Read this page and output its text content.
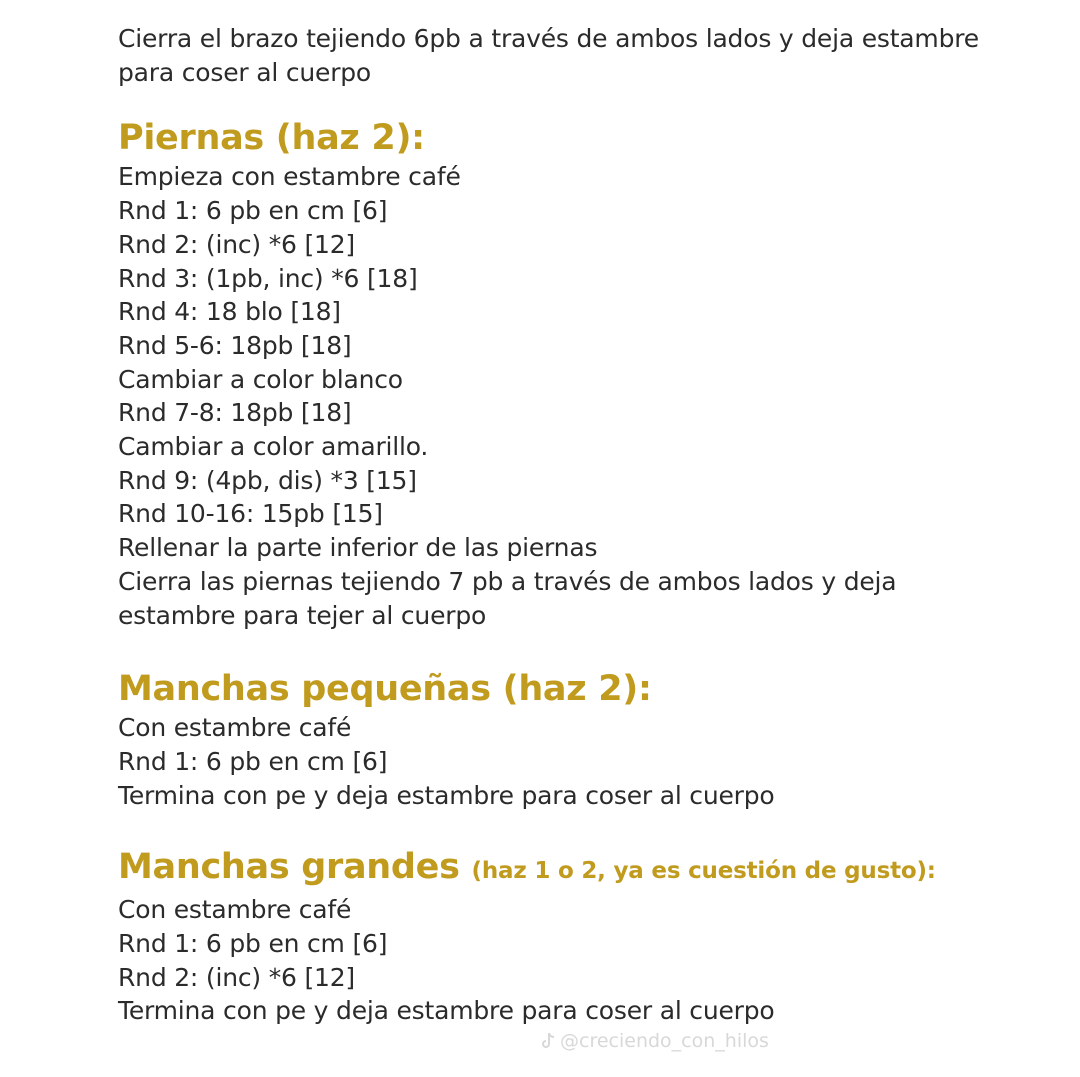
Cierra el brazo tejiendo 6pb a través de ambos lados y deja estambre
para coser al cuerpo
Piernas (haz 2):
Empieza con estambre café
Rnd 1: 6 pb en cm [6]
Rnd 2: (inc) *6 [12]
Rnd 3: (1pb, inc) *6 [18]
Rnd 4: 18 blo [18]
Rnd 5-6: 18pb [18]
Cambiar a color blanco
Rnd 7-8: 18pb [18]
Cambiar a color amarillo.
Rnd 9: (4pb, dis) *3 [15]
Rnd 10-16: 15pb [15]
Rellenar la parte inferior de las piernas
Cierra las piernas tejiendo 7 pb a través de ambos lados y deja
estambre para tejer al cuerpo
Manchas pequeñas (haz 2):
Con estambre café
Rnd 1: 6 pb en cm [6]
Termina con pe y deja estambre para coser al cuerpo
Manchas grandes (haz 1 o 2, ya es cuestión de gusto):
Con estambre café
Rnd 1: 6 pb en cm [6]
Rnd 2: (inc) *6 [12]
Termina con pe y deja estambre para coser al cuerpo
@creciendo_con_hilos
